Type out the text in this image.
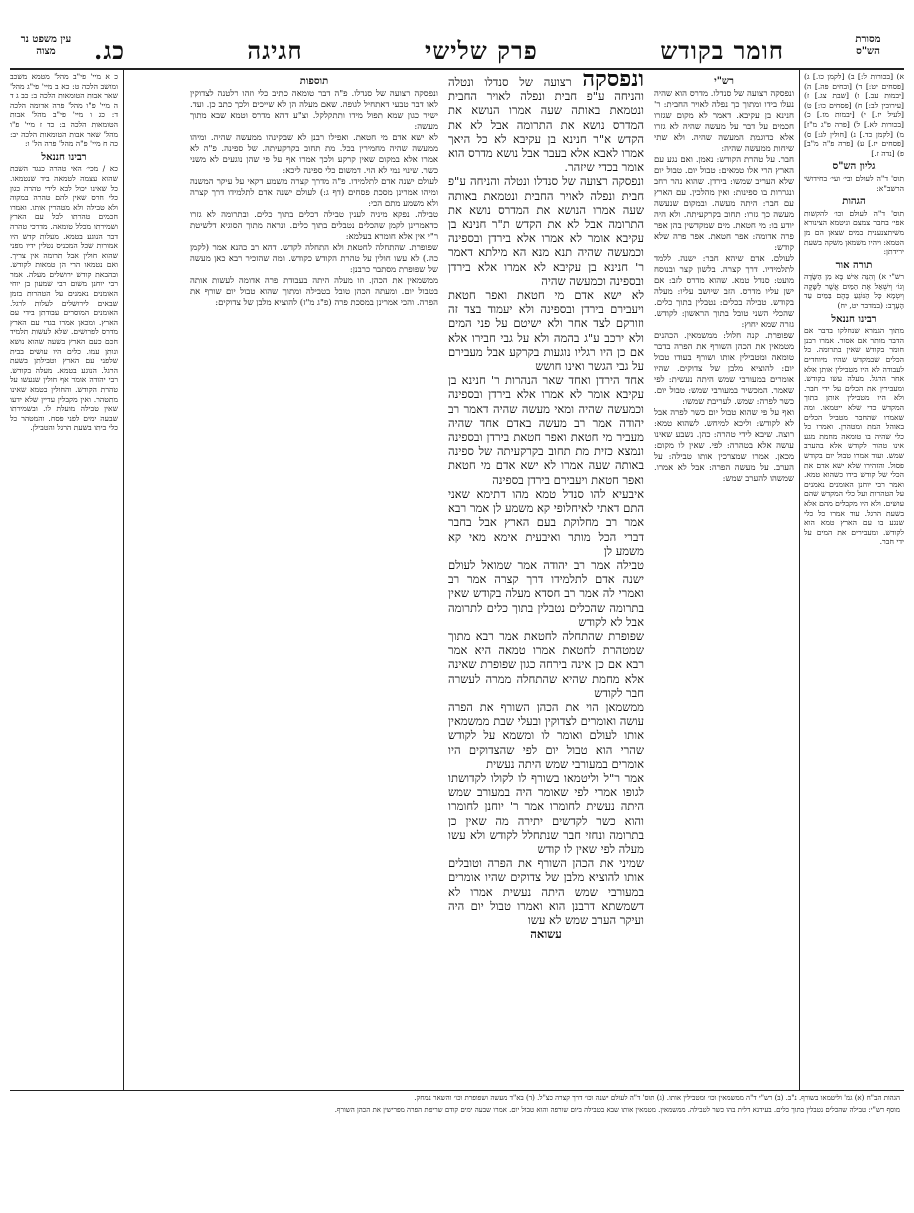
מסורת הש"ס
חומר בקודש
פרק שלישי
חגיגה
כג.
עין משפט נר מצוה

א) [בכורות ל:] ב) [לקמן כו.] ג) [פסחים יט:] ד) [ובחים פה.] ה) [יבמות עב.] ו) [שבת צג.] ז) [עירובין לב:] ח) [פסחים כו:] ט) [לעיל יז.] י) [יבמות מז.] כ) [בכורות לא.] ל) [פרה פ"ג מ"ז] מ) [לקמן כד.] נ) [חולין לג:] ס) [פסחים יז.] ע) [פרה פ"ה מ"ב] פ) [נדה ז.]

גליון הש"ס

תוס' ד"ה לעולם ובי׳ ועי׳ בחידושי הרשב"א:

הגהות

תוס' ד"ה לעולם וכו׳ להקשות אפי׳ בחבר צמצם וניטמא הצינורא משיתצנענית במים שצאן הם מן הטמא: ויהיו משמאן משקה בשעת ירידתן:

תורה אור

רש"י א) וְהִנֵּה אִישׁ בָּא מִן הַשָּׂדֶה וְגוֹ׳ וְיִשְׁאַל אֶת הַמַּיִם אֲשֶׁר לַשָּׁקֶה וְיִטְמָא כָּל הַנּוֹגֵעַ בָּהֶם בַּמַּיִם עַד הָעָרֶב: (במדבר יט, יח)

רבינו חננאל

מתוך הגמרא שנחלקו בדבר אם הדבר מותר אם אסור. אמרו רבנן חומר בקודש שאין בתרומה. כל הכלים שבמקדש שהיו מיוחדים לעבודה לא היו מטבילין אותן אלא אחר הרגל. מעלה עשו בקודש. ומעבירין את הכלים על ידי חבר. ולא היו מטבילין אותן בתוך המקדש כדי שלא ייטמאו. ומה שאמרו שהחבר מטביל הכלים באוהל המת ומטהרן. ואמרו כל כלי שהיה בו טומאה מחמת מגע אינו טהור לקודש אלא בהערב שמש. ועוד אמרו טבול יום בקודש פסול. והזהירו שלא ישא אדם את הכלי של קודש בידו כשהוא טמא. ואמר רבי יוחנן האומנים נאמנים על הטהרות ועל כלי המקדש שהם עושים. ולא היו מקבלים מהם אלא בשעת הרגל. עוד אמרו כל כלי שנגע בו עם הארץ טמא הוא לקודש. ומעבירים את המים על ידי חבר.

רש"י

ונפסקה רצועה של סנדלו. מדרס הוא שהיה נעלו בידו ומתוך כך נפלה לאויר החבית: ר' חנינא בן עקיבא. דאמר לא מקום שגזרו חכמים על דבר על מעשה שהיה לא גזרו אלא כדוגמת המעשה שהיה. ולא שתי שיחות ממעשה שהיה:

חבר. על טהרת הקודש: נאמן. ואם נגע עם הארץ הרי אלו טמאים: טבול יום. טבול יום שלא העריב שמשו: בירדן. שהוא נהר רחב ונגררות בו ספינות: ואין מהלכין. עם הארץ עם חבר: היתה מעשה. ובמקום שנעשה מעשה כך גזרו: תחוב בקרקעיתה. ולא היה יודע בו: מי חטאת. מים שמקדשין בהן אפר פרה אדומה: אפר חטאת. אפר פרה שלא קודש:

לעולם. אדם שיהא חבר: ישנה. ללמד לתלמידיו. דרך קצרה. בלשון קצר ובנוסח מועט: סנדל טמא. שהוא מדרס לזב: אם ישן עליו מדרס. הזב שיושב עליו: מעלה בקודש. טבילה בכלים: נטבלין בתוך כלים. שהכלי השני טובל בתוך הראשון: לקודש. גזרה שמא יחוץ:

שפופרת. קנה חלול: ממשמאין. הכהנים מטמאין את הכהן השורף את הפרה בדבר טומאה ומטבילין אותו ושורף בעודו טבול יום: להוציא מלבן של צדוקים. שהיו אומרים במעורבי שמש היתה נעשית: לפי שאמר. המכשיר במעורבי שמש: טבול יום. כשר לפרה: שמש. לעריבת שמשו:

ואף על פי שהוא טבול יום כשר לפרה אבל לא לקודש: וליכא למיחש. לשהוא טמא: רוצה. שיבא לידי טהרה: כהן. נשבע שאינו עושה אלא בטהרה: לפי. שאין לו מקום: מכאן. אמרו שמצרכין אותו טבילה: על הערב. על מעשה הפרה: אבל לא אמרו. שמשהו להערב שמש:

ונפסקה רצועה של סנדלו ונטלה והניחה ע"פ חבית ונפלה לאויר החבית ונטמאת באותה שעה אמרו הנושא את המדרס נושא את התרומה אבל לא את הקדש א"ר חנינא בן עקיבא לא כל היאך אמרו לאבא אלא בעבר אבל נושא מדרס הוא אומר בכדי שיזהר.

ונפסקה רצועה של סנדלו ונטלה והניחה ע"פ חבית ונפלה לאויר החבית ונטמאת באותה שעה אמרו הנושא את המדרס נושא את התרומה אבל לא את הקדש ת"ר חנינא בן עקיבא אומר לא אמרו אלא בירדן ובספינה וכמעשה שהיה תנא מנא הא מילתא דאמר ר' חנינא בן עקיבא לא אמרו אלא בירדן ובספינה וכמעשה שהיה

לא ישא אדם מי חטאת ואפר חטאת ויעבירם בירדן ובספינה ולא יעמוד בצד זה וזורקם לצד אחר ולא ישיטם על פני המים ולא ירכב ע"ג בהמה ולא על גבי חבירו אלא אם כן היו רגליו נוגעות בקרקע אבל מעבירם על גבי הגשר ואינו חושש

אחד הירדן ואחד שאר הנהרות ר' חנינא בן עקיבא אומר לא אמרו אלא בירדן ובספינה וכמעשה שהיה ומאי מעשה שהיה דאמר רב יהודה אמר רב מעשה באדם אחד שהיה מעביר מי חטאת ואפר חטאת בירדן ובספינה ונמצא כזית מת תחוב בקרקעיתה של ספינה באותה שעה אמרו לא ישא אדם מי חטאת ואפר חטאת ויעבירם בירדן בספינה

איבעיא להו סנדל טמא מהו דתימא שאני התם דאתי לאיחלופי קא משמע לן אמר רבא אמר רב מחלוקת בעם הארץ אבל בחבר דברי הכל מותר ואיבעית אימא מאי קא משמע לן

טבילה אמר רב יהודה אמר שמואל לעולם ישנה אדם לתלמידו דרך קצרה אמר רב ואמרי לה אמר רב חסדא מעלה בקודש שאין בתרומה שהכלים נטבלין בתוך כלים לתרומה אבל לא לקודש

שפופרת שהתחלה לחטאת אמר רבא מתוך שמטהרת לחטאת אמרו טמאה היא אמר רבא אם כן אינה בירחה כגון שפופרת שאינה אלא מחמת שהיא שהתחלה ממרה לעשרה חבר לקודש

ממשמאן הוי את הכהן השורף את הפרה עושה ואומרים לצדוקין ובעלי שבת ממשמאין אותו לעולם ואומר לו ומשמא על לקודש שהרי הוא טבול יום לפי שהצדוקים היו אומרים במעורבי שמש היתה נעשית

אמר ר"ל וליטמאו בשורף לו לקולו לקדושתו לגופו אמרי לפי שאומר היה במעורב שמש היתה נעשית לחומרו אמר ר' יוחנן לחומרו והוא כשר לקדשים יתירה מה שאין כן בתרומה ונחזי חבר שנתחלל לקודש ולא עשו מעלה לפי שאין לו קודש

שמיני את הכהן השורף את הפרה וטובלים אותו להוציא מלבן של צדוקים שהיו אומרים במעורבי שמש היתה נעשית אמרו לא דשמשתא דרבנן הוא ואמרו טבול יום היה ועיקר הערב שמש לא עשו

עשואה

תוספות

ונפסקה רצועה של סנדלו. פ"ה דבר טומאה כתיב כלי וזהו רלטנה לצדוקין לאו דבר טבעי דאתחיל לגופה. שאם מעלה הן לא שייכים ולכך כתב כן. ועד. ישיר כגון שמא תפול מידו ותתקלקל. וצ"ע דהא מדרס וטמא שבא מתוך מעשה:

לא ישא אדם מי חטאת. ואפילו רבנן לא שבקינהו ממעשה שהיה. ומיהו ממעשה שהיה מחמירין בכל. מת תחוב בקרקעיתה. של ספינה. פ"ה לא אמרו אלא במקום שאין קרקע ולכך אמרו אף על פי שהן נוגעים לא משני כשר. שינוי נמי לא הוי. דמשום כלי ספינה ליכא:

לעולם ישנה אדם לתלמידו. פ"ה מדרך קצרה משמע דקאי על עיקר המשנה ומיהו אמרינן מסכת פסחים (דף ג:) לעולם ישנה אדם לתלמידו דרך קצרה ולא משמע מתם הכי:

טבילה. נפקא מיניה לענין טבילה דכלים בתוך כלים. ובתרומה לא גזרו כדאמרינן לקמן שהכלים נטבלים בתוך כלים. ונראה מתוך הסוגיא דלשיטת ר"י אין אלא חומרא בעלמא:

שפופרת. שהתחלה לחטאת ולא התחלה לקדש. דהא רב כהנא אמר (לקמן כה.) לא עשו חולין על טהרת הקודש כקודש. ומה שהזכיר רבא כאן מעשה של שפופרת מסתבר כרבנן:

ממשמאין את הכהן. וזו מעלה היתה בעבודת פרה אדומה לעשות אותה בטבול יום. ומעתה הכהן טובל בטבילה ומתוך שהוא טבול יום שורף את הפרה. והכי אמרינן במסכת פרה (פ"ג מ"ז) להוציא מלבן של צדוקים:

כ א מיי' פי"ב מהל' מטמא משכב ומושב הלכה ט: כא ב מיי' פי"ג מהל' שאר אבות הטומאות הלכה ב: כב ג ד ה מיי' פ"ו מהל' פרה אדומה הלכה ד: כג ו מיי' פי"ב מהל' אבות הטומאות הלכה ב: כד ז מיי' פ"ו מהל' שאר אבות הטומאות הלכה יב: כה ח מיי' פ"ה מהל' פרה הל' ו:

רבינו חננאל

כא / מכי׳ האי טהרה כנגד השבת שהוא עצמה לטמאה ביד שנטמאו. כל שאינו יכול לבא לידי טהרה כגון כלי חרס שאין להם טהרה במקוה ולא טבילה ולא מטהרין אותו. ואמרו חכמים טהרתו לכל עם הארץ ושמירתו מכלל טומאה. מדרכי טהרה דבר הנוגע בטמא. מעלות קדש היו אמורות שכל המכניס נטלין ידיו מפני שהוא חולין אבל תרומה אין צריך. ואם נטמאו הרי הן טמאות לקודש. ובהבאת קודש ירושלים מעלה. אמר רבי יוחנן משום רבי שמעון בן יוחי האומנים נאמנים על הטהרות בזמן שבאים לירושלים לעלות לרגל. האומנים המוסרים עבודתן בידי עם הארץ. ומכאן אמרו בגדי עם הארץ מדרס לפרושים. שלא לעשות תלמיד חכם כעם הארץ בשעה שהוא נושא ונותן עמו. כלים היו עושים בבית שלפני עם הארץ וטבילתן בשעת הרגל. הנוגע בטמא. מעלה בקודש. רבי יהודה אומר אף חולין שנעשו על טהרת הקודש. והחולין בטמא שאינו מתטהר. ואין מקבלין עדיין שלא ידעו שאין טבילה מועלת לו. ובשמירתו שבעה ימים לפני פסח. והמטהר כל כלי ביתו בשעת הרגל והטבילן.

הגהות הב"ח (א) גמ' וליטמאו בשורף. נ"ב. (ב) רש"י ד"ה ממשמאין וכו׳ ומטבילין אותו. (ג) תוס' ד"ה לעולם ישנה וכו׳ דרך קצרה כצ"ל. (ד) בא"ד מעשה ושפופרת וכו׳ והשאר נמחק.

מוסף רש"י: טבילה שהכלים נטבלין בתוך כלים. בעידנא דלית בהו כשר לטבילה. ממשמאין. מטמאין אותו שבא בטבילה ביום שורפה והוא טבול יום. אמרו שבעה ימים קודם שריפת הפרה מפרישין את הכהן השורף.
